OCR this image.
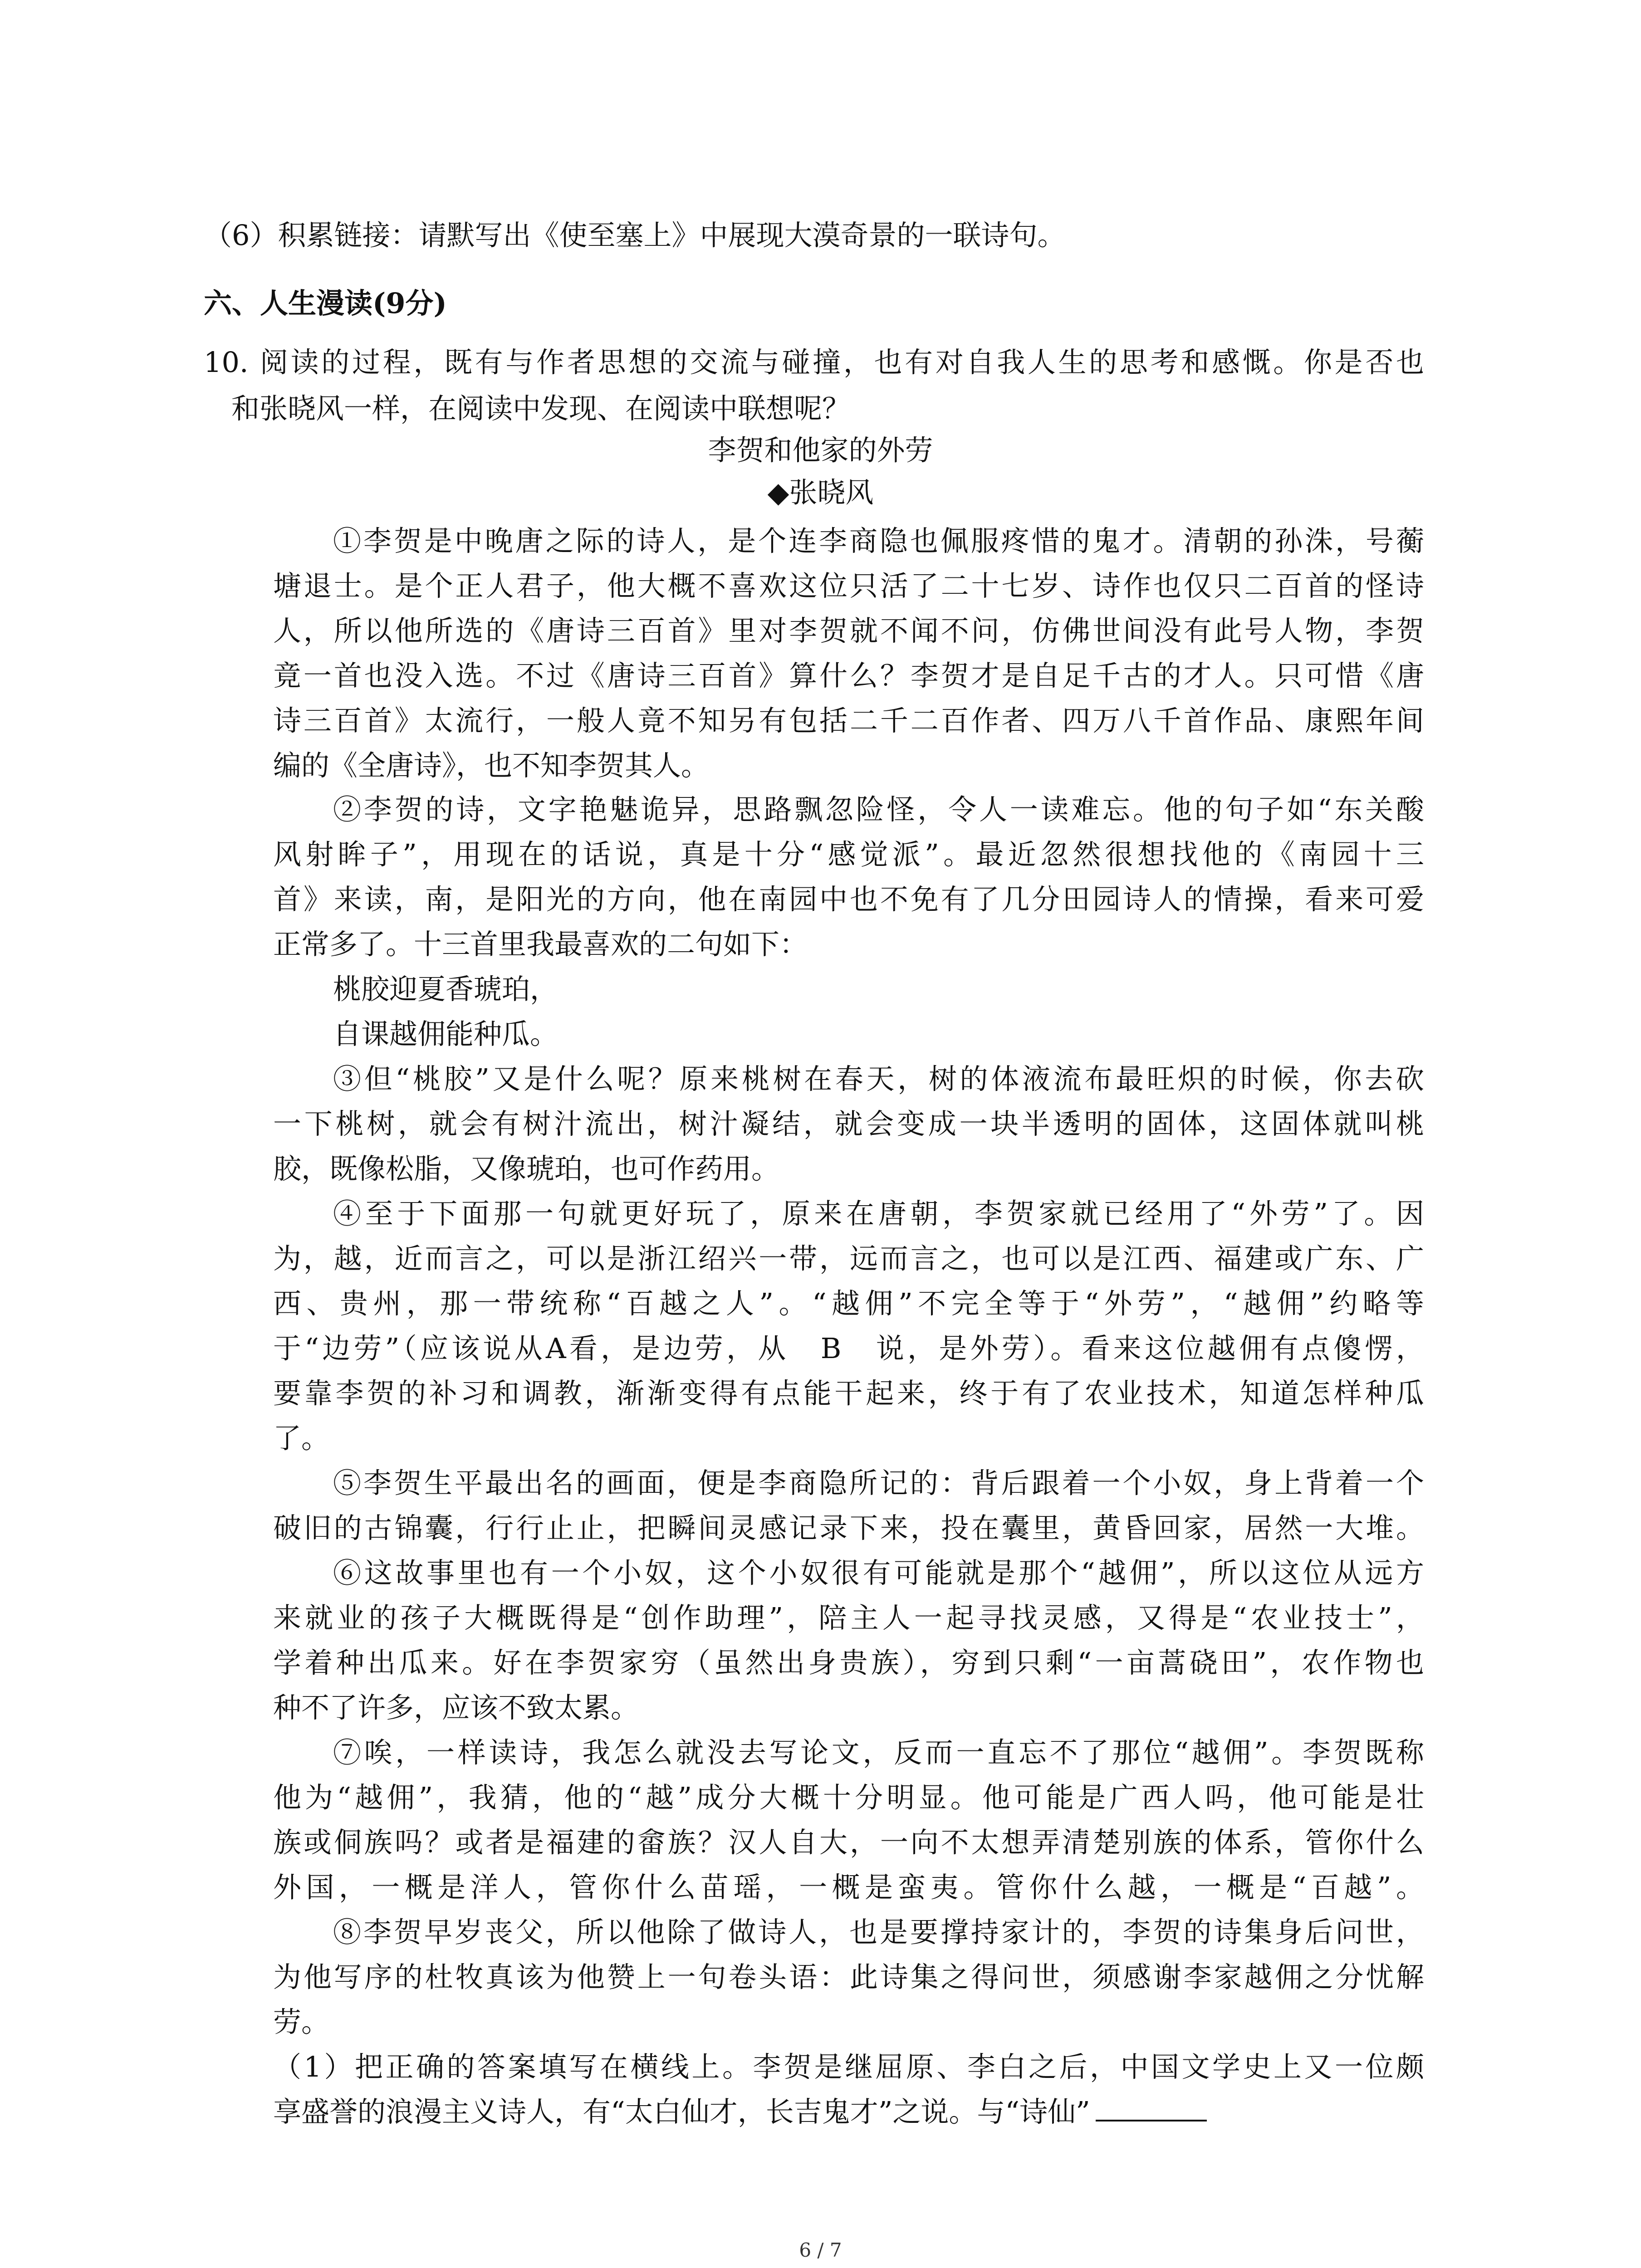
（6）积累链接：请默写出《使至塞上》中展现大漠奇景的一联诗句。
六、人生漫读(9分)
10. 阅读的过程，既有与作者思想的交流与碰撞，也有对自我人生的思考和感慨。你是否也
和张晓风一样，在阅读中发现、在阅读中联想呢？
李贺和他家的外劳
◆张晓风
①李贺是中晚唐之际的诗人，是个连李商隐也佩服疼惜的鬼才。清朝的孙洙，号蘅
塘退士。是个正人君子，他大概不喜欢这位只活了二十七岁、诗作也仅只二百首的怪诗
人，所以他所选的《唐诗三百首》里对李贺就不闻不问，仿佛世间没有此号人物，李贺
竟一首也没入选。不过《唐诗三百首》算什么？李贺才是自足千古的才人。只可惜《唐
诗三百首》太流行，一般人竟不知另有包括二千二百作者、四万八千首作品、康熙年间
编的《全唐诗》，也不知李贺其人。
②李贺的诗，文字艳魅诡异，思路飘忽险怪，令人一读难忘。他的句子如“东关酸
风射眸子”，用现在的话说，真是十分“感觉派”。最近忽然很想找他的《南园十三
首》来读，南，是阳光的方向，他在南园中也不免有了几分田园诗人的情操，看来可爱
正常多了。十三首里我最喜欢的二句如下：
桃胶迎夏香琥珀，
自课越佣能种瓜。
③但“桃胶”又是什么呢？原来桃树在春天，树的体液流布最旺炽的时候，你去砍
一下桃树，就会有树汁流出，树汁凝结，就会变成一块半透明的固体，这固体就叫桃
胶，既像松脂，又像琥珀，也可作药用。
④至于下面那一句就更好玩了，原来在唐朝，李贺家就已经用了“外劳”了。因
为，越，近而言之，可以是浙江绍兴一带，远而言之，也可以是江西、福建或广东、广
西、贵州，那一带统称“百越之人”。“越佣”不完全等于“外劳”，“越佣”约略等
于“边劳”（应该说从A看，是边劳，从　B　说，是外劳）。看来这位越佣有点傻愣，
要靠李贺的补习和调教，渐渐变得有点能干起来，终于有了农业技术，知道怎样种瓜
了。
⑤李贺生平最出名的画面，便是李商隐所记的：背后跟着一个小奴，身上背着一个
破旧的古锦囊，行行止止，把瞬间灵感记录下来，投在囊里，黄昏回家，居然一大堆。
⑥这故事里也有一个小奴，这个小奴很有可能就是那个“越佣”，所以这位从远方
来就业的孩子大概既得是“创作助理”，陪主人一起寻找灵感，又得是“农业技士”，
学着种出瓜来。好在李贺家穷（虽然出身贵族），穷到只剩“一亩蒿硗田”，农作物也
种不了许多，应该不致太累。
⑦唉，一样读诗，我怎么就没去写论文，反而一直忘不了那位“越佣”。李贺既称
他为“越佣”，我猜，他的“越”成分大概十分明显。他可能是广西人吗，他可能是壮
族或侗族吗？或者是福建的畲族？汉人自大，一向不太想弄清楚别族的体系，管你什么
外国，一概是洋人，管你什么苗瑶，一概是蛮夷。管你什么越，一概是“百越”。
⑧李贺早岁丧父，所以他除了做诗人，也是要撑持家计的，李贺的诗集身后问世，
为他写序的杜牧真该为他赞上一句卷头语：此诗集之得问世，须感谢李家越佣之分忧解
劳。
（1）把正确的答案填写在横线上。李贺是继屈原、李白之后，中国文学史上又一位颇
享盛誉的浪漫主义诗人，有“太白仙才，长吉鬼才”之说。与“诗仙”
6 / 7
